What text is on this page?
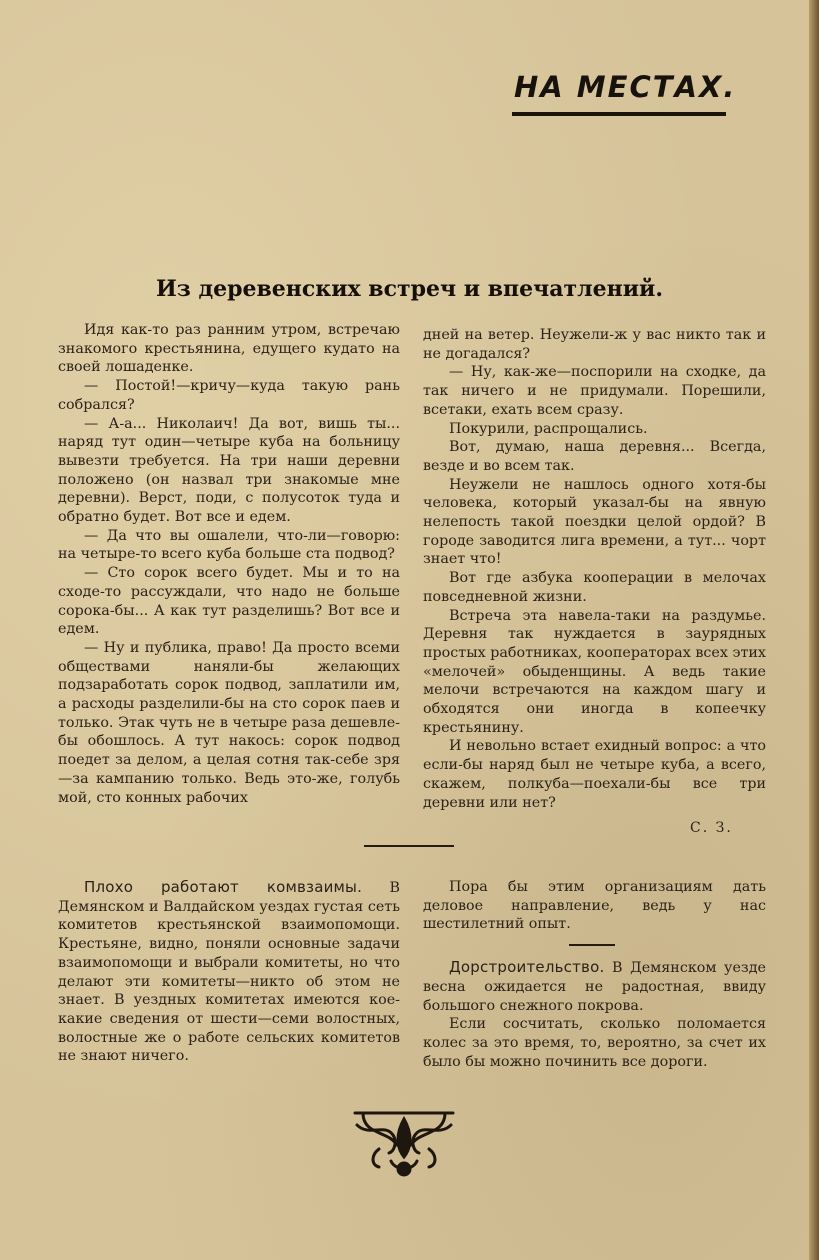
НА МЕСТАХ.
Из деревенских встреч и впечатлений.

Идя как-то раз ранним утром, встречаю знакомого крестьянина, едущего кудато на своей лошаденке.

— Постой!—кричу—куда такую рань собрался?

— А-а... Николаич! Да вот, вишь ты... наряд тут один—четыре куба на больницу вывезти требуется. На три наши деревни положено (он назвал три знакомые мне деревни). Верст, поди, с полусоток туда и обратно будет. Вот все и едем.

— Да что вы ошалели, что-ли—говорю: на четыре-то всего куба больше ста подвод?

— Сто сорок всего будет. Мы и то на сходе-то рассуждали, что надо не больше сорока-бы... А как тут разделишь? Вот все и едем.

— Ну и публика, право! Да просто всеми обществами наняли-бы желающих подзаработать сорок подвод, заплатили им, а расходы разделили-бы на сто сорок паев и только. Этак чуть не в четыре раза дешевле-бы обошлось. А тут накось: сорок подвод поедет за делом, а целая сотня так-себе зря—за кампанию только. Ведь это-же, голубь мой, сто конных рабочих

дней на ветер. Неужели-ж у вас никто так и не догадался?

— Ну, как-же—поспорили на сходке, да так ничего и не придумали. Порешили, всетаки, ехать всем сразу.

Покурили, распрощались.

Вот, думаю, наша деревня... Всегда, везде и во всем так.

Неужели не нашлось одного хотя-бы человека, который указал-бы на явную нелепость такой поездки целой ордой? В городе заводится лига времени, а тут... чорт знает что!

Вот где азбука кооперации в мелочах повседневной жизни.

Встреча эта навела-таки на раздумье. Деревня так нуждается в заурядных простых работниках, кооператорах всех этих «мелочей» обыденщины. А ведь такие мелочи встречаются на каждом шагу и обходятся они иногда в копеечку крестьянину.

И невольно встает ехидный вопрос: а что если-бы наряд был не четыре куба, а всего, скажем, полкуба—поехали-бы все три деревни или нет?

С. З.

Плохо работают комвзаимы. В Демянском и Валдайском уездах густая сеть комитетов крестьянской взаимопомощи. Крестьяне, видно, поняли основные задачи взаимопомощи и выбрали комитеты, но что делают эти комитеты—никто об этом не знает. В уездных комитетах имеются кое-какие сведения от шести—семи волостных, волостные же о работе сельских комитетов не знают ничего.

Пора бы этим организациям дать деловое направление, ведь у нас шестилетний опыт.

Дорстроительство. В Демянском уезде весна ожидается не радостная, ввиду большого снежного покрова.

Если сосчитать, сколько поломается колес за это время, то, вероятно, за счет их было бы можно починить все дороги.
